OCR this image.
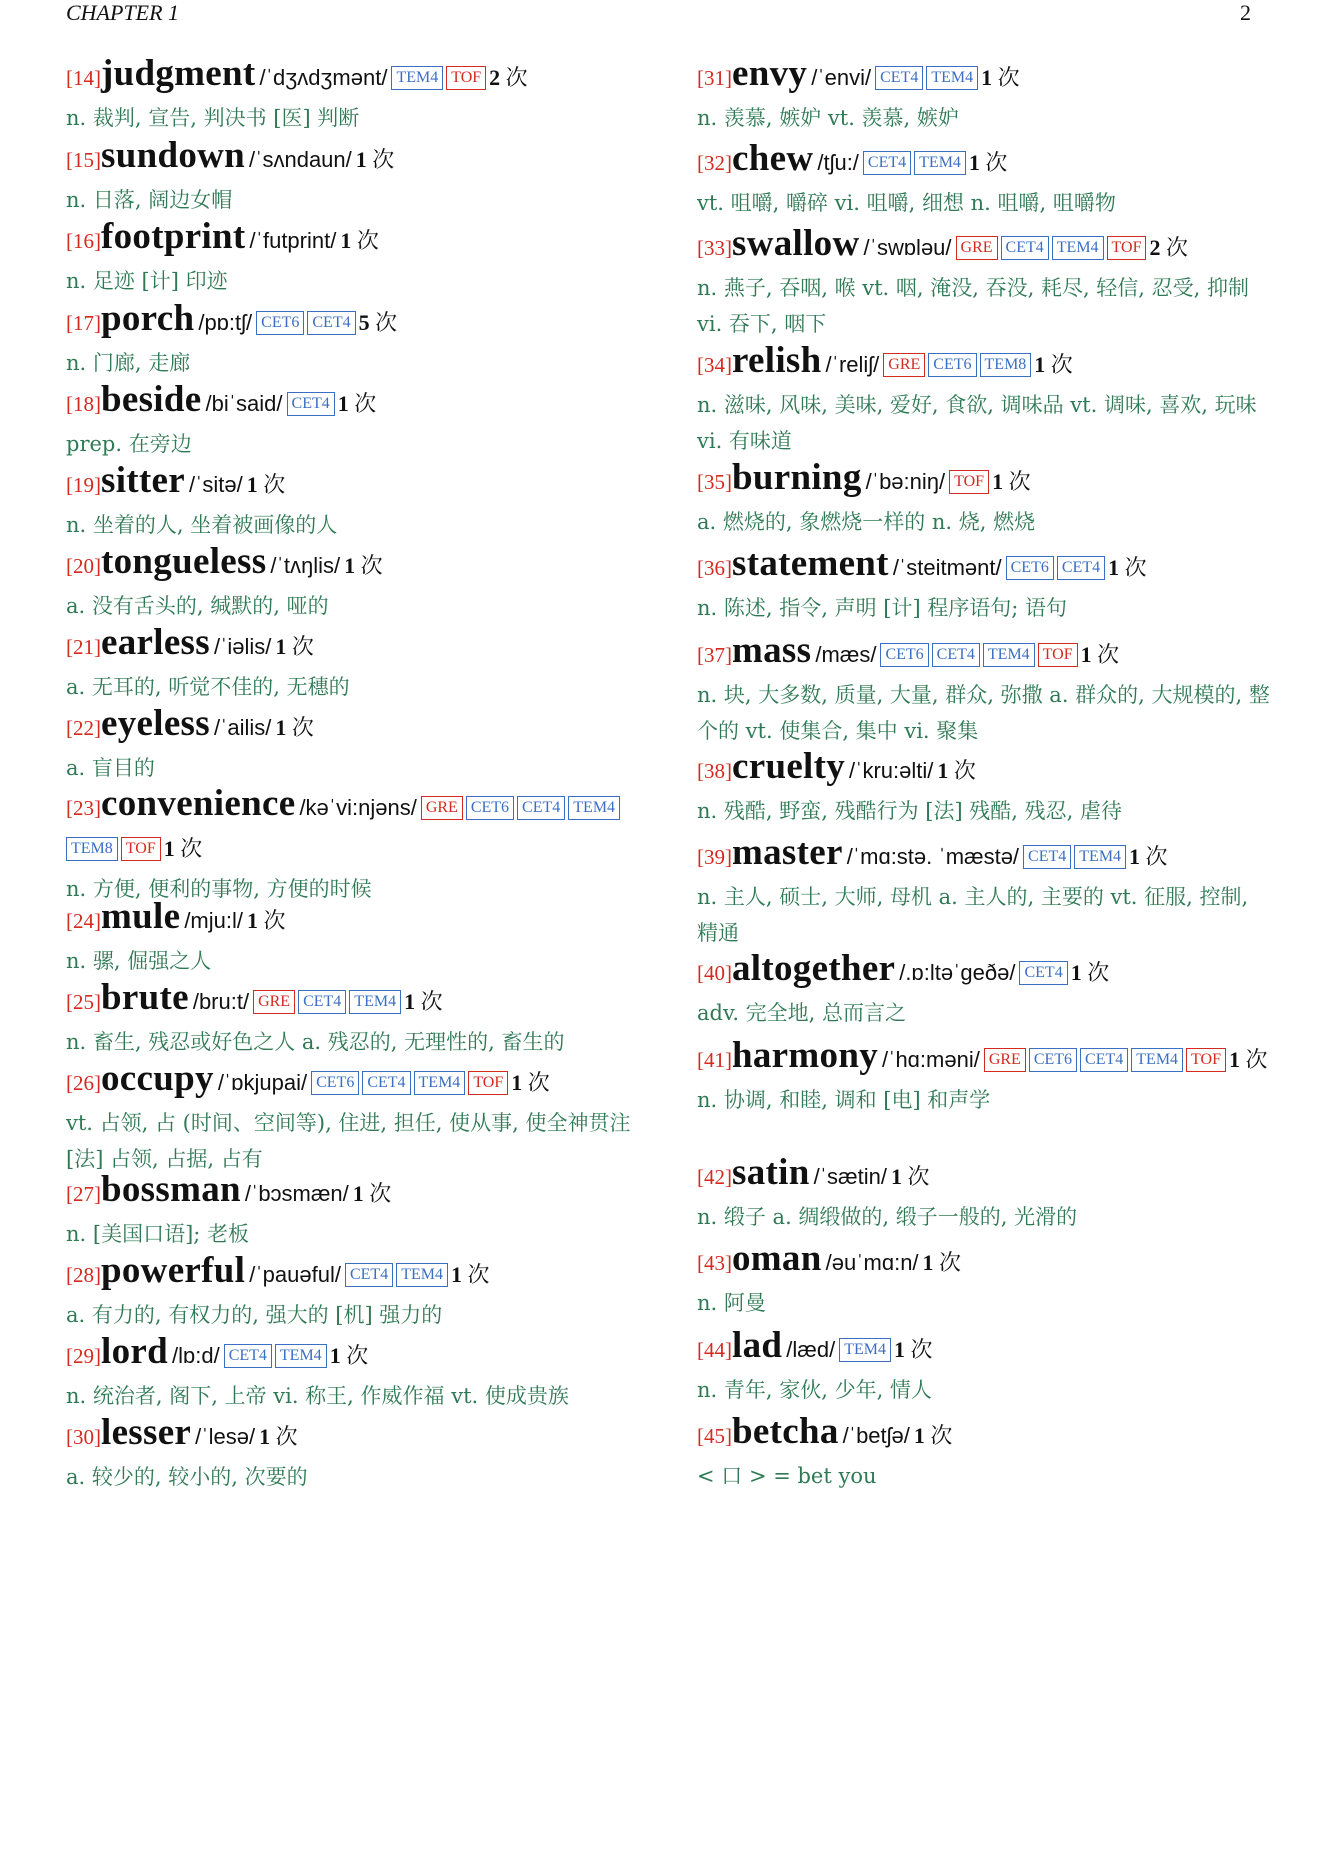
CHAPTER 1	2
[14]judgment /ˈdʒʌdʒmənt/ TEM4 TOF 2 次
n. 裁判, 宣告, 判决书 [医] 判断
[15]sundown /ˈsʌndaun/ 1 次
n. 日落, 阔边女帽
[16]footprint /ˈfutprint/ 1 次
n. 足迹 [计] 印迹
[17]porch /pɒ:tʃ/ CET6 CET4 5 次
n. 门廊, 走廊
[18]beside /biˈsaid/ CET4 1 次
prep. 在旁边
[19]sitter /ˈsitə/ 1 次
n. 坐着的人, 坐着被画像的人
[20]tongueless /ˈtʌŋlis/ 1 次
a. 没有舌头的, 缄默的, 哑的
[21]earless /ˈiəlis/ 1 次
a. 无耳的, 听觉不佳的, 无穗的
[22]eyeless /ˈailis/ 1 次
a. 盲目的
[23]convenience /kəˈvi:njəns/ GRE CET6 CET4 TEM4TEM8 TOF 1 次
n. 方便, 便利的事物, 方便的时候
[24]mule /mju:l/ 1 次
n. 骡, 倔强之人
[25]brute /bru:t/ GRE CET4 TEM4 1 次
n. 畜生, 残忍或好色之人 a. 残忍的, 无理性的, 畜生的
[26]occupy /ˈɒkjupai/ CET6 CET4 TEM4 TOF 1 次
vt. 占领, 占 (时间、空间等), 住进, 担任, 使从事, 使全神贯注 [法] 占领, 占据, 占有
[27]bossman /ˈbɔsmæn/ 1 次
n. [美国口语]; 老板
[28]powerful /ˈpauəful/ CET4 TEM4 1 次
a. 有力的, 有权力的, 强大的 [机] 强力的
[29]lord /lɒ:d/ CET4 TEM4 1 次
n. 统治者, 阁下, 上帝 vi. 称王, 作威作福 vt. 使成贵族
[30]lesser /ˈlesə/ 1 次
a. 较少的, 较小的, 次要的
[31]envy /ˈenvi/ CET4 TEM4 1 次
n. 羡慕, 嫉妒 vt. 羡慕, 嫉妒
[32]chew /tʃu:/ CET4 TEM4 1 次
vt. 咀嚼, 嚼碎 vi. 咀嚼, 细想 n. 咀嚼, 咀嚼物
[33]swallow /ˈswɒləu/ GRE CET4 TEM4 TOF 2 次
n. 燕子, 吞咽, 喉 vt. 咽, 淹没, 吞没, 耗尽, 轻信, 忍受, 抑制 vi. 吞下, 咽下
[34]relish /ˈreliʃ/ GRE CET6 TEM8 1 次
n. 滋味, 风味, 美味, 爱好, 食欲, 调味品 vt. 调味, 喜欢, 玩味 vi. 有味道
[35]burning /ˈbə:niŋ/ TOF 1 次
a. 燃烧的, 象燃烧一样的 n. 烧, 燃烧
[36]statement /ˈsteitmənt/ CET6 CET4 1 次
n. 陈述, 指令, 声明 [计] 程序语句; 语句
[37]mass /mæs/ CET6 CET4 TEM4 TOF 1 次
n. 块, 大多数, 质量, 大量, 群众, 弥撒 a. 群众的, 大规模的, 整个的 vt. 使集合, 集中 vi. 聚集
[38]cruelty /ˈkru:əlti/ 1 次
n. 残酷, 野蛮, 残酷行为 [法] 残酷, 残忍, 虐待
[39]master /ˈmɑ:stə. ˈmæstə/ CET4 TEM4 1 次
n. 主人, 硕士, 大师, 母机 a. 主人的, 主要的 vt. 征服, 控制, 精通
[40]altogether /.ɒ:ltəˈgeðə/ CET4 1 次
adv. 完全地, 总而言之
[41]harmony /ˈhɑ:məni/ GRE CET6 CET4 TEM4 TOF 1 次
n. 协调, 和睦, 调和 [电] 和声学
[42]satin /ˈsætin/ 1 次
n. 缎子 a. 绸缎做的, 缎子一般的, 光滑的
[43]oman /əuˈmɑ:n/ 1 次
n. 阿曼
[44]lad /læd/ TEM4 1 次
n. 青年, 家伙, 少年, 情人
[45]betcha /ˈbetʃə/ 1 次
< 口 > = bet you
